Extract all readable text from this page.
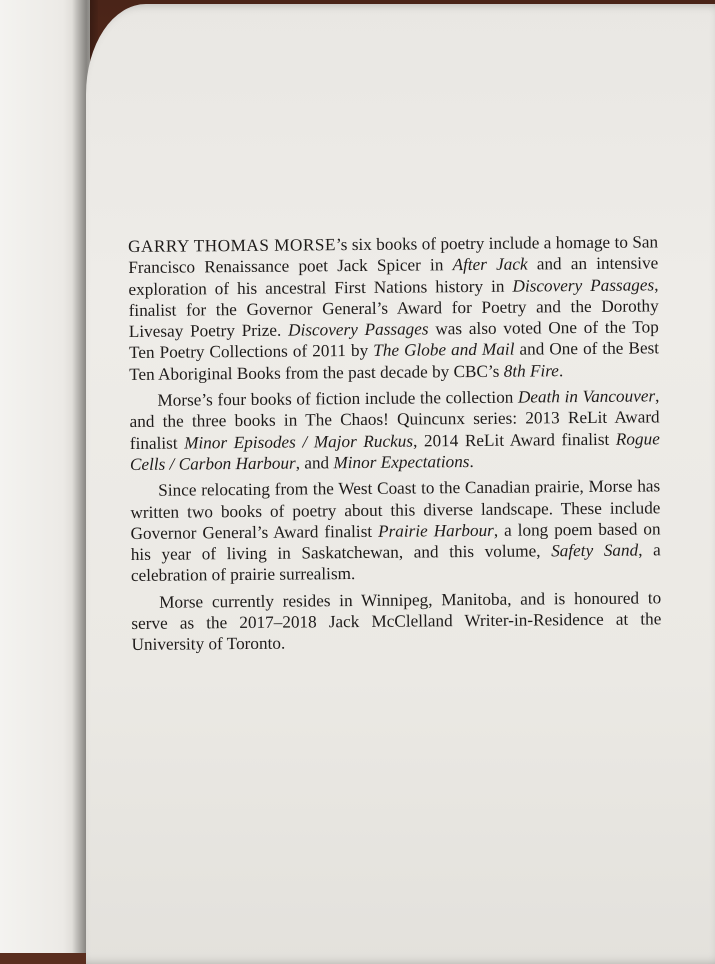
GARRY THOMAS MORSE’s six books of poetry include a homage to San Francisco Renaissance poet Jack Spicer in After Jack and an intensive exploration of his ancestral First Nations history in Discovery Passages, finalist for the Governor General’s Award for Poetry and the Dorothy Livesay Poetry Prize. Discovery Passages was also voted One of the Top Ten Poetry Collections of 2011 by The Globe and Mail and One of the Best Ten Aboriginal Books from the past decade by CBC’s 8th Fire.

Morse’s four books of fiction include the collection Death in Vancouver, and the three books in The Chaos! Quincunx series: 2013 ReLit Award finalist Minor Episodes / Major Ruckus, 2014 ReLit Award finalist Rogue Cells / Carbon Harbour, and Minor Expectations.

Since relocating from the West Coast to the Canadian prairie, Morse has written two books of poetry about this diverse landscape. These include Governor General’s Award finalist Prairie Harbour, a long poem based on his year of living in Saskatchewan, and this volume, Safety Sand, a celebration of prairie surrealism.

Morse currently resides in Winnipeg, Manitoba, and is honoured to serve as the 2017–2018 Jack McClelland Writer-in-Residence at the University of Toronto.
